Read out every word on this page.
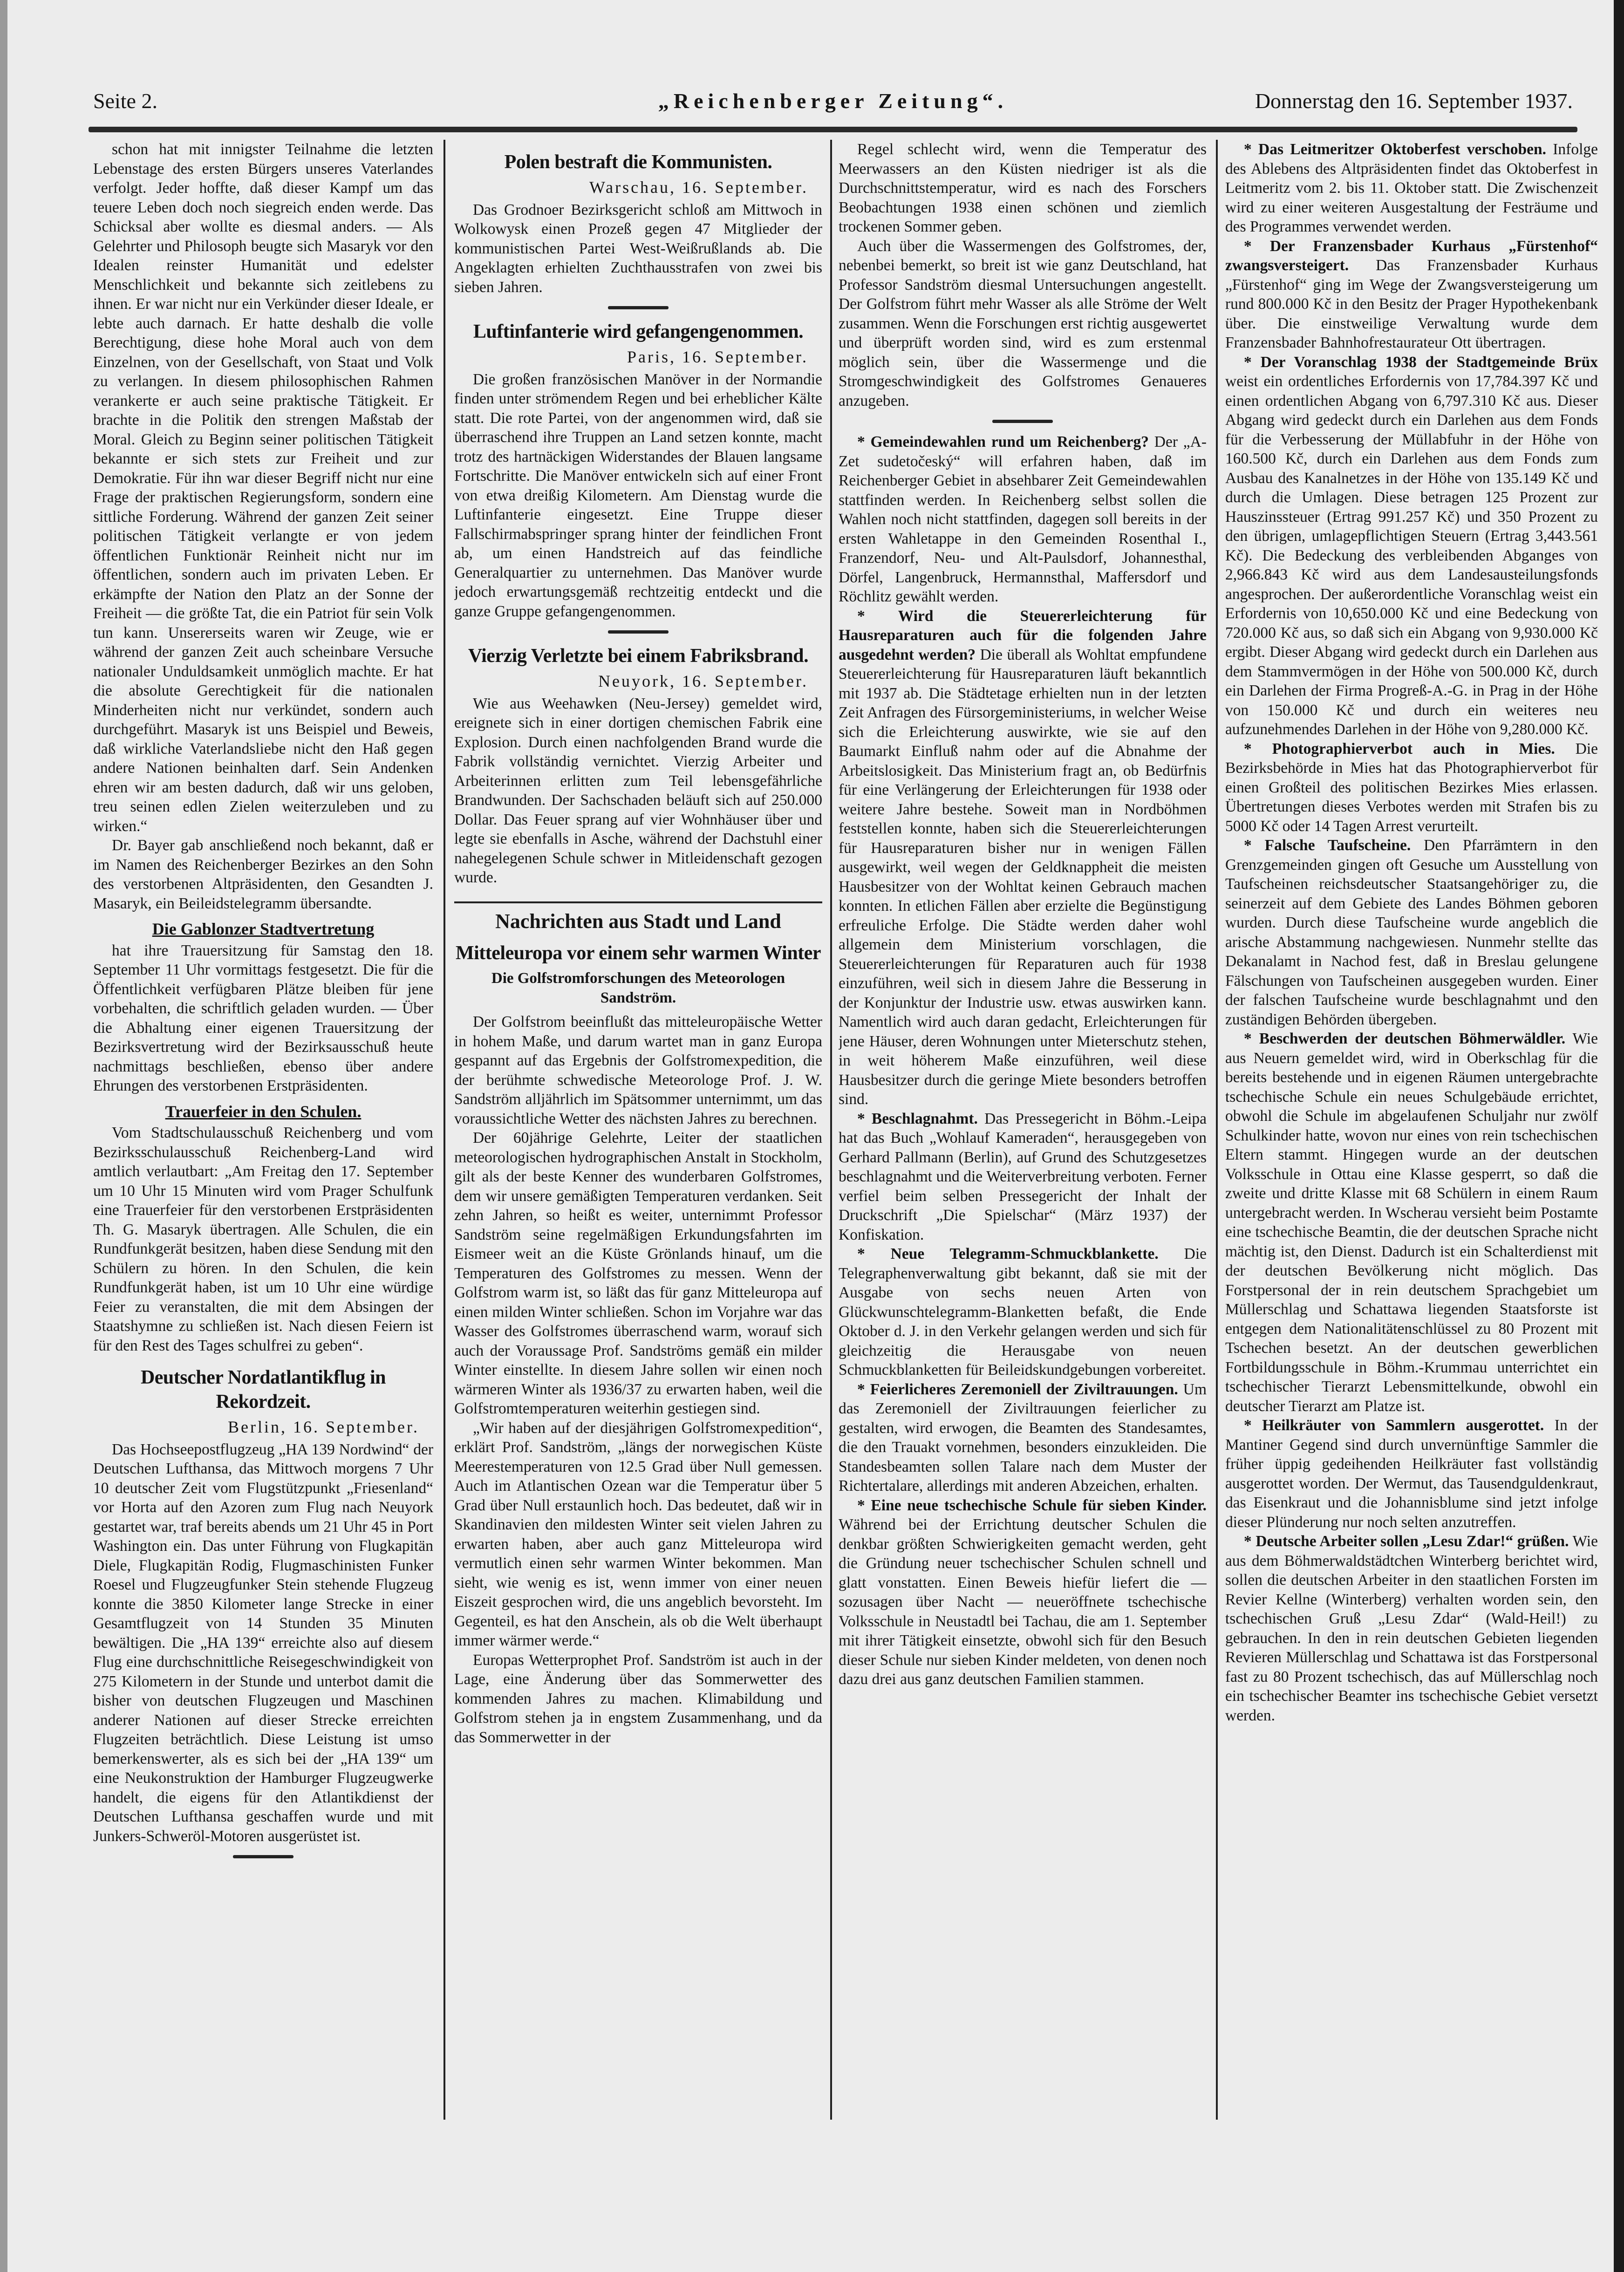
Seite 2.	„Reichenberger Zeitung“.	Donnerstag den 16. September 1937.

schon hat mit innigster Teilnahme die letzten Lebenstage des ersten Bürgers unseres Vaterlandes verfolgt. Jeder hoffte, daß dieser Kampf um das teuere Leben doch noch siegreich enden werde. Das Schicksal aber wollte es diesmal anders. — Als Gelehrter und Philosoph beugte sich Masaryk vor den Idealen reinster Humanität und edelster Menschlichkeit und bekannte sich zeitlebens zu ihnen. Er war nicht nur ein Verkünder dieser Ideale, er lebte auch darnach. Er hatte deshalb die volle Berechtigung, diese hohe Moral auch von dem Einzelnen, von der Gesellschaft, von Staat und Volk zu verlangen. In diesem philosophischen Rahmen verankerte er auch seine praktische Tätigkeit. Er brachte in die Politik den strengen Maßstab der Moral. Gleich zu Beginn seiner politischen Tätigkeit bekannte er sich stets zur Freiheit und zur Demokratie. Für ihn war dieser Begriff nicht nur eine Frage der praktischen Regierungsform, sondern eine sittliche Forderung. Während der ganzen Zeit seiner politischen Tätigkeit verlangte er von jedem öffentlichen Funktionär Reinheit nicht nur im öffentlichen, sondern auch im privaten Leben. Er erkämpfte der Nation den Platz an der Sonne der Freiheit — die größte Tat, die ein Patriot für sein Volk tun kann. Unsererseits waren wir Zeuge, wie er während der ganzen Zeit auch scheinbare Versuche nationaler Unduldsamkeit unmöglich machte. Er hat die absolute Gerechtigkeit für die nationalen Minderheiten nicht nur verkündet, sondern auch durchgeführt. Masaryk ist uns Beispiel und Beweis, daß wirkliche Vaterlandsliebe nicht den Haß gegen andere Nationen beinhalten darf. Sein Andenken ehren wir am besten dadurch, daß wir uns geloben, treu seinen edlen Zielen weiterzuleben und zu wirken.“

Dr. Bayer gab anschließend noch bekannt, daß er im Namen des Reichenberger Bezirkes an den Sohn des verstorbenen Altpräsidenten, den Gesandten J. Masaryk, ein Beileidstelegramm übersandte.

Die Gablonzer Stadtvertretung

hat ihre Trauersitzung für Samstag den 18. September 11 Uhr vormittags festgesetzt. Die für die Öffentlichkeit verfügbaren Plätze bleiben für jene vorbehalten, die schriftlich geladen wurden. — Über die Abhaltung einer eigenen Trauersitzung der Bezirksvertretung wird der Bezirksausschuß heute nachmittags beschließen, ebenso über andere Ehrungen des verstorbenen Erstpräsidenten.

Trauerfeier in den Schulen.

Vom Stadtschulausschuß Reichenberg und vom Bezirksschulausschuß Reichenberg-Land wird amtlich verlautbart: „Am Freitag den 17. September um 10 Uhr 15 Minuten wird vom Prager Schulfunk eine Trauerfeier für den verstorbenen Erstpräsidenten Th. G. Masaryk übertragen. Alle Schulen, die ein Rundfunkgerät besitzen, haben diese Sendung mit den Schülern zu hören. In den Schulen, die kein Rundfunkgerät haben, ist um 10 Uhr eine würdige Feier zu veranstalten, die mit dem Absingen der Staatshymne zu schließen ist. Nach diesen Feiern ist für den Rest des Tages schulfrei zu geben“.

Deutscher Nordatlantikflug in Rekordzeit.

Berlin, 16. September.

Das Hochseepostflugzeug „HA 139 Nordwind“ der Deutschen Lufthansa, das Mittwoch morgens 7 Uhr 10 deutscher Zeit vom Flugstützpunkt „Friesenland“ vor Horta auf den Azoren zum Flug nach Neuyork gestartet war, traf bereits abends um 21 Uhr 45 in Port Washington ein. Das unter Führung von Flugkapitän Diele, Flugkapitän Rodig, Flugmaschinisten Funker Roesel und Flugzeugfunker Stein stehende Flugzeug konnte die 3850 Kilometer lange Strecke in einer Gesamtflugzeit von 14 Stunden 35 Minuten bewältigen. Die „HA 139“ erreichte also auf diesem Flug eine durchschnittliche Reisegeschwindigkeit von 275 Kilometern in der Stunde und unterbot damit die bisher von deutschen Flugzeugen und Maschinen anderer Nationen auf dieser Strecke erreichten Flugzeiten beträchtlich. Diese Leistung ist umso bemerkenswerter, als es sich bei der „HA 139“ um eine Neukonstruktion der Hamburger Flugzeugwerke handelt, die eigens für den Atlantikdienst der Deutschen Lufthansa geschaffen wurde und mit Junkers-Schweröl-Motoren ausgerüstet ist.

Polen bestraft die Kommunisten.

Warschau, 16. September.

Das Grodnoer Bezirksgericht schloß am Mittwoch in Wolkowysk einen Prozeß gegen 47 Mitglieder der kommunistischen Partei West-Weißrußlands ab. Die Angeklagten erhielten Zuchthausstrafen von zwei bis sieben Jahren.

Luftinfanterie wird gefangengenommen.

Paris, 16. September.

Die großen französischen Manöver in der Normandie finden unter strömendem Regen und bei erheblicher Kälte statt. Die rote Partei, von der angenommen wird, daß sie überraschend ihre Truppen an Land setzen konnte, macht trotz des hartnäckigen Widerstandes der Blauen langsame Fortschritte. Die Manöver entwickeln sich auf einer Front von etwa dreißig Kilometern. Am Dienstag wurde die Luftinfanterie eingesetzt. Eine Truppe dieser Fallschirmabspringer sprang hinter der feindlichen Front ab, um einen Handstreich auf das feindliche Generalquartier zu unternehmen. Das Manöver wurde jedoch erwartungsgemäß rechtzeitig entdeckt und die ganze Gruppe gefangengenommen.

Vierzig Verletzte bei einem Fabriksbrand.

Neuyork, 16. September.

Wie aus Weehawken (Neu-Jersey) gemeldet wird, ereignete sich in einer dortigen chemischen Fabrik eine Explosion. Durch einen nachfolgenden Brand wurde die Fabrik vollständig vernichtet. Vierzig Arbeiter und Arbeiterinnen erlitten zum Teil lebensgefährliche Brandwunden. Der Sachschaden beläuft sich auf 250.000 Dollar. Das Feuer sprang auf vier Wohnhäuser über und legte sie ebenfalls in Asche, während der Dachstuhl einer nahegelegenen Schule schwer in Mitleidenschaft gezogen wurde.

Nachrichten aus Stadt und Land

Mitteleuropa vor einem sehr warmen Winter

Die Golfstromforschungen des Meteorologen Sandström.

Der Golfstrom beeinflußt das mitteleuropäische Wetter in hohem Maße, und darum wartet man in ganz Europa gespannt auf das Ergebnis der Golfstromexpedition, die der berühmte schwedische Meteorologe Prof. J. W. Sandström alljährlich im Spätsommer unternimmt, um das voraussichtliche Wetter des nächsten Jahres zu berechnen.

Der 60jährige Gelehrte, Leiter der staatlichen meteorologischen hydrographischen Anstalt in Stockholm, gilt als der beste Kenner des wunderbaren Golfstromes, dem wir unsere gemäßigten Temperaturen verdanken. Seit zehn Jahren, so heißt es weiter, unternimmt Professor Sandström seine regelmäßigen Erkundungsfahrten im Eismeer weit an die Küste Grönlands hinauf, um die Temperaturen des Golfstromes zu messen. Wenn der Golfstrom warm ist, so läßt das für ganz Mitteleuropa auf einen milden Winter schließen. Schon im Vorjahre war das Wasser des Golfstromes überraschend warm, worauf sich auch der Voraussage Prof. Sandströms gemäß ein milder Winter einstellte. In diesem Jahre sollen wir einen noch wärmeren Winter als 1936/37 zu erwarten haben, weil die Golfstromtemperaturen weiterhin gestiegen sind.

„Wir haben auf der diesjährigen Golfstromexpedition“, erklärt Prof. Sandström, „längs der norwegischen Küste Meerestemperaturen von 12.5 Grad über Null gemessen. Auch im Atlantischen Ozean war die Temperatur über 5 Grad über Null erstaunlich hoch. Das bedeutet, daß wir in Skandinavien den mildesten Winter seit vielen Jahren zu erwarten haben, aber auch ganz Mitteleuropa wird vermutlich einen sehr warmen Winter bekommen. Man sieht, wie wenig es ist, wenn immer von einer neuen Eiszeit gesprochen wird, die uns angeblich bevorsteht. Im Gegenteil, es hat den Anschein, als ob die Welt überhaupt immer wärmer werde.“

Europas Wetterprophet Prof. Sandström ist auch in der Lage, eine Änderung über das Sommerwetter des kommenden Jahres zu machen. Klimabildung und Golfstrom stehen ja in engstem Zusammenhang, und da das Sommerwetter in der

Regel schlecht wird, wenn die Temperatur des Meerwassers an den Küsten niedriger ist als die Durchschnittstemperatur, wird es nach des Forschers Beobachtungen 1938 einen schönen und ziemlich trockenen Sommer geben.

Auch über die Wassermengen des Golfstromes, der, nebenbei bemerkt, so breit ist wie ganz Deutschland, hat Professor Sandström diesmal Untersuchungen angestellt. Der Golfstrom führt mehr Wasser als alle Ströme der Welt zusammen. Wenn die Forschungen erst richtig ausgewertet und überprüft worden sind, wird es zum erstenmal möglich sein, über die Wassermenge und die Stromgeschwindigkeit des Golfstromes Genaueres anzugeben.

* Gemeindewahlen rund um Reichenberg? Der „A-Zet sudetočeský“ will erfahren haben, daß im Reichenberger Gebiet in absehbarer Zeit Gemeindewahlen stattfinden werden. In Reichenberg selbst sollen die Wahlen noch nicht stattfinden, dagegen soll bereits in der ersten Wahletappe in den Gemeinden Rosenthal I., Franzendorf, Neu- und Alt-Paulsdorf, Johannesthal, Dörfel, Langenbruck, Hermannsthal, Maffersdorf und Röchlitz gewählt werden.

* Wird die Steuererleichterung für Hausreparaturen auch für die folgenden Jahre ausgedehnt werden? Die überall als Wohltat empfundene Steuererleichterung für Hausreparaturen läuft bekanntlich mit 1937 ab. Die Städtetage erhielten nun in der letzten Zeit Anfragen des Fürsorgeministeriums, in welcher Weise sich die Erleichterung auswirkte, wie sie auf den Baumarkt Einfluß nahm oder auf die Abnahme der Arbeitslosigkeit. Das Ministerium fragt an, ob Bedürfnis für eine Verlängerung der Erleichterungen für 1938 oder weitere Jahre bestehe. Soweit man in Nordböhmen feststellen konnte, haben sich die Steuererleichterungen für Hausreparaturen bisher nur in wenigen Fällen ausgewirkt, weil wegen der Geldknappheit die meisten Hausbesitzer von der Wohltat keinen Gebrauch machen konnten. In etlichen Fällen aber erzielte die Begünstigung erfreuliche Erfolge. Die Städte werden daher wohl allgemein dem Ministerium vorschlagen, die Steuererleichterungen für Reparaturen auch für 1938 einzuführen, weil sich in diesem Jahre die Besserung in der Konjunktur der Industrie usw. etwas auswirken kann. Namentlich wird auch daran gedacht, Erleichterungen für jene Häuser, deren Wohnungen unter Mieterschutz stehen, in weit höherem Maße einzuführen, weil diese Hausbesitzer durch die geringe Miete besonders betroffen sind.

* Beschlagnahmt. Das Pressegericht in Böhm.-Leipa hat das Buch „Wohlauf Kameraden“, herausgegeben von Gerhard Pallmann (Berlin), auf Grund des Schutzgesetzes beschlagnahmt und die Weiterverbreitung verboten. Ferner verfiel beim selben Pressegericht der Inhalt der Druckschrift „Die Spielschar“ (März 1937) der Konfiskation.

* Neue Telegramm-Schmuckblankette. Die Telegraphenverwaltung gibt bekannt, daß sie mit der Ausgabe von sechs neuen Arten von Glückwunschtelegramm-Blanketten befaßt, die Ende Oktober d. J. in den Verkehr gelangen werden und sich für gleichzeitig die Herausgabe von neuen Schmuckblanketten für Beileidskundgebungen vorbereitet.

* Feierlicheres Zeremoniell der Ziviltrauungen. Um das Zeremoniell der Ziviltrauungen feierlicher zu gestalten, wird erwogen, die Beamten des Standesamtes, die den Trauakt vornehmen, besonders einzukleiden. Die Standesbeamten sollen Talare nach dem Muster der Richtertalare, allerdings mit anderen Abzeichen, erhalten.

* Eine neue tschechische Schule für sieben Kinder. Während bei der Errichtung deutscher Schulen die denkbar größten Schwierigkeiten gemacht werden, geht die Gründung neuer tschechischer Schulen schnell und glatt vonstatten. Einen Beweis hiefür liefert die — sozusagen über Nacht — neueröffnete tschechische Volksschule in Neustadtl bei Tachau, die am 1. September mit ihrer Tätigkeit einsetzte, obwohl sich für den Besuch dieser Schule nur sieben Kinder meldeten, von denen noch dazu drei aus ganz deutschen Familien stammen.

* Das Leitmeritzer Oktoberfest verschoben. Infolge des Ablebens des Altpräsidenten findet das Oktoberfest in Leitmeritz vom 2. bis 11. Oktober statt. Die Zwischenzeit wird zu einer weiteren Ausgestaltung der Festräume und des Programmes verwendet werden.

* Der Franzensbader Kurhaus „Fürstenhof“ zwangsversteigert. Das Franzensbader Kurhaus „Fürstenhof“ ging im Wege der Zwangsversteigerung um rund 800.000 Kč in den Besitz der Prager Hypothekenbank über. Die einstweilige Verwaltung wurde dem Franzensbader Bahnhofrestaurateur Ott übertragen.

* Der Voranschlag 1938 der Stadtgemeinde Brüx weist ein ordentliches Erfordernis von 17,784.397 Kč und einen ordentlichen Abgang von 6,797.310 Kč aus. Dieser Abgang wird gedeckt durch ein Darlehen aus dem Fonds für die Verbesserung der Müllabfuhr in der Höhe von 160.500 Kč, durch ein Darlehen aus dem Fonds zum Ausbau des Kanalnetzes in der Höhe von 135.149 Kč und durch die Umlagen. Diese betragen 125 Prozent zur Hauszinssteuer (Ertrag 991.257 Kč) und 350 Prozent zu den übrigen, umlagepflichtigen Steuern (Ertrag 3,443.561 Kč). Die Bedeckung des verbleibenden Abganges von 2,966.843 Kč wird aus dem Landesausteilungsfonds angesprochen. Der außerordentliche Voranschlag weist ein Erfordernis von 10,650.000 Kč und eine Bedeckung von 720.000 Kč aus, so daß sich ein Abgang von 9,930.000 Kč ergibt. Dieser Abgang wird gedeckt durch ein Darlehen aus dem Stammvermögen in der Höhe von 500.000 Kč, durch ein Darlehen der Firma Progreß-A.-G. in Prag in der Höhe von 150.000 Kč und durch ein weiteres neu aufzunehmendes Darlehen in der Höhe von 9,280.000 Kč.

* Photographierverbot auch in Mies. Die Bezirksbehörde in Mies hat das Photographierverbot für einen Großteil des politischen Bezirkes Mies erlassen. Übertretungen dieses Verbotes werden mit Strafen bis zu 5000 Kč oder 14 Tagen Arrest verurteilt.

* Falsche Taufscheine. Den Pfarrämtern in den Grenzgemeinden gingen oft Gesuche um Ausstellung von Taufscheinen reichsdeutscher Staatsangehöriger zu, die seinerzeit auf dem Gebiete des Landes Böhmen geboren wurden. Durch diese Taufscheine wurde angeblich die arische Abstammung nachgewiesen. Nunmehr stellte das Dekanalamt in Nachod fest, daß in Breslau gelungene Fälschungen von Taufscheinen ausgegeben wurden. Einer der falschen Taufscheine wurde beschlagnahmt und den zuständigen Behörden übergeben.

* Beschwerden der deutschen Böhmerwäldler. Wie aus Neuern gemeldet wird, wird in Oberkschlag für die bereits bestehende und in eigenen Räumen untergebrachte tschechische Schule ein neues Schulgebäude errichtet, obwohl die Schule im abgelaufenen Schuljahr nur zwölf Schulkinder hatte, wovon nur eines von rein tschechischen Eltern stammt. Hingegen wurde an der deutschen Volksschule in Ottau eine Klasse gesperrt, so daß die zweite und dritte Klasse mit 68 Schülern in einem Raum untergebracht werden. In Wscherau versieht beim Postamte eine tschechische Beamtin, die der deutschen Sprache nicht mächtig ist, den Dienst. Dadurch ist ein Schalterdienst mit der deutschen Bevölkerung nicht möglich. Das Forstpersonal der in rein deutschem Sprachgebiet um Müllerschlag und Schattawa liegenden Staatsforste ist entgegen dem Nationalitätenschlüssel zu 80 Prozent mit Tschechen besetzt. An der deutschen gewerblichen Fortbildungsschule in Böhm.-Krummau unterrichtet ein tschechischer Tierarzt Lebensmittelkunde, obwohl ein deutscher Tierarzt am Platze ist.

* Heilkräuter von Sammlern ausgerottet. In der Mantiner Gegend sind durch unvernünftige Sammler die früher üppig gedeihenden Heilkräuter fast vollständig ausgerottet worden. Der Wermut, das Tausendguldenkraut, das Eisenkraut und die Johannisblume sind jetzt infolge dieser Plünderung nur noch selten anzutreffen.

* Deutsche Arbeiter sollen „Lesu Zdar!“ grüßen. Wie aus dem Böhmerwaldstädtchen Winterberg berichtet wird, sollen die deutschen Arbeiter in den staatlichen Forsten im Revier Kellne (Winterberg) verhalten worden sein, den tschechischen Gruß „Lesu Zdar“ (Wald-Heil!) zu gebrauchen. In den in rein deutschen Gebieten liegenden Revieren Müllerschlag und Schattawa ist das Forstpersonal fast zu 80 Prozent tschechisch, das auf Müllerschlag noch ein tschechischer Beamter ins tschechische Gebiet versetzt werden.
